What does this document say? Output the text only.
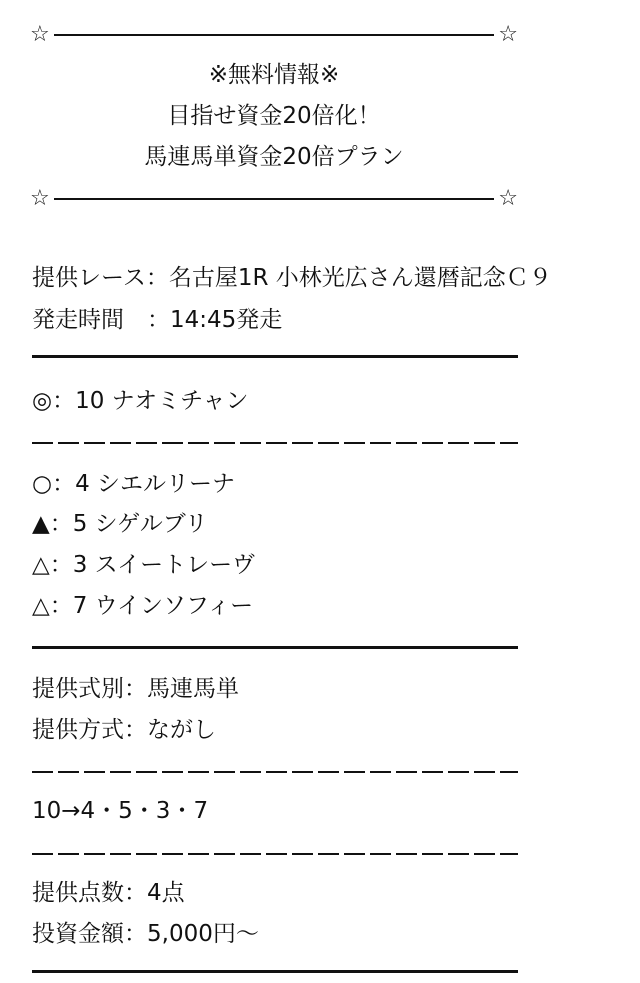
☆	☆
※無料情報※
目指せ資金20倍化！
馬連馬単資金20倍プラン
☆	☆
提供レース：名古屋1R 小林光広さん還暦記念Ｃ９
発走時間　：14:45発走
◎：10 ナオミチャン
○：4 シエルリーナ
▲：5 シゲルブリ
△：3 スイートレーヴ
△：7 ウインソフィー
提供式別：馬連馬単
提供方式：ながし
10→4・5・3・7
提供点数：4点
投資金額：5,000円〜
